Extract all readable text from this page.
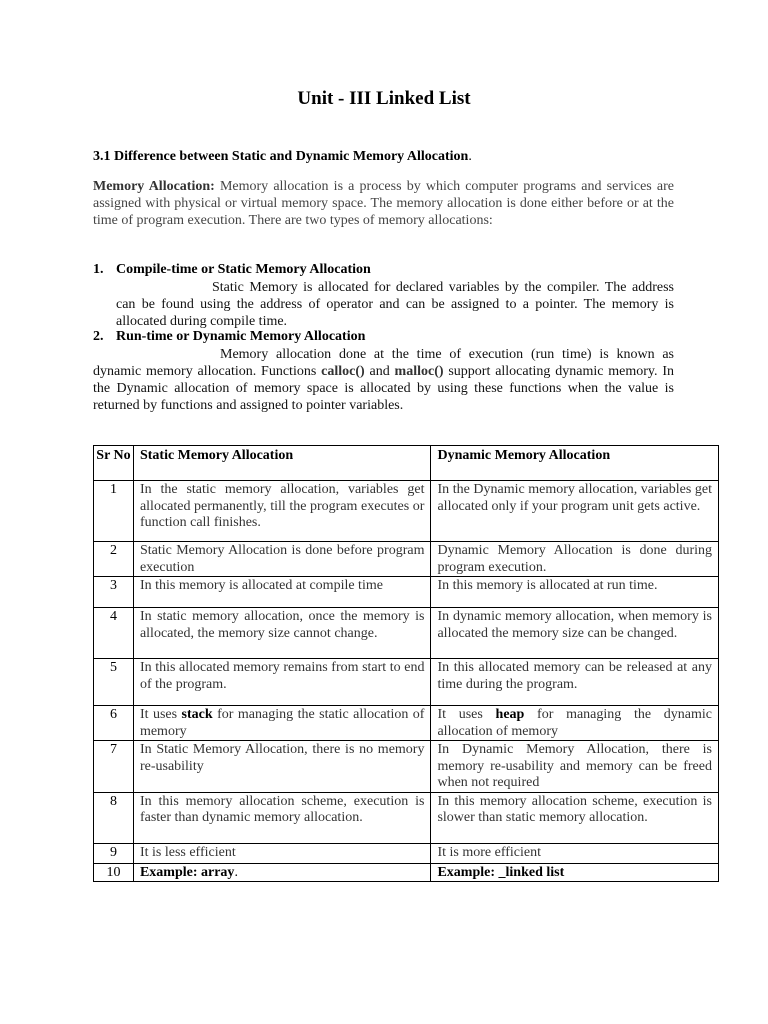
Unit - III Linked List

3.1 Difference between Static and Dynamic Memory Allocation.

Memory Allocation: Memory allocation is a process by which computer programs and services are assigned with physical or virtual memory space. The memory allocation is done either before or at the time of program execution. There are two types of memory allocations:

1. Compile-time or Static Memory Allocation

Static Memory is allocated for declared variables by the compiler. The address can be found using the address of operator and can be assigned to a pointer. The memory is allocated during compile time.

2. Run-time or Dynamic Memory Allocation

Memory allocation done at the time of execution (run time) is known as dynamic memory allocation. Functions calloc() and malloc() support allocating dynamic memory. In the Dynamic allocation of memory space is allocated by using these functions when the value is returned by functions and assigned to pointer variables.

Sr No	Static Memory Allocation	Dynamic Memory Allocation
1	In the static memory allocation, variables get allocated permanently, till the program executes or function call finishes.	In the Dynamic memory allocation, variables get allocated only if your program unit gets active.
2	Static Memory Allocation is done before program execution	Dynamic Memory Allocation is done during program execution.
3	In this memory is allocated at compile time	In this memory is allocated at run time.
4	In static memory allocation, once the memory is allocated, the memory size cannot change.	In dynamic memory allocation, when memory is allocated the memory size can be changed.
5	In this allocated memory remains from start to end of the program.	In this allocated memory can be released at any time during the program.
6	It uses stack for managing the static allocation of memory	It uses heap for managing the dynamic allocation of memory
7	In Static Memory Allocation, there is no memory re-usability	In Dynamic Memory Allocation, there is memory re-usability and memory can be freed when not required
8	In this memory allocation scheme, execution is faster than dynamic memory allocation.	In this memory allocation scheme, execution is slower than static memory allocation.
9	It is less efficient	It is more efficient
10	Example: array.	Example: _linked list
